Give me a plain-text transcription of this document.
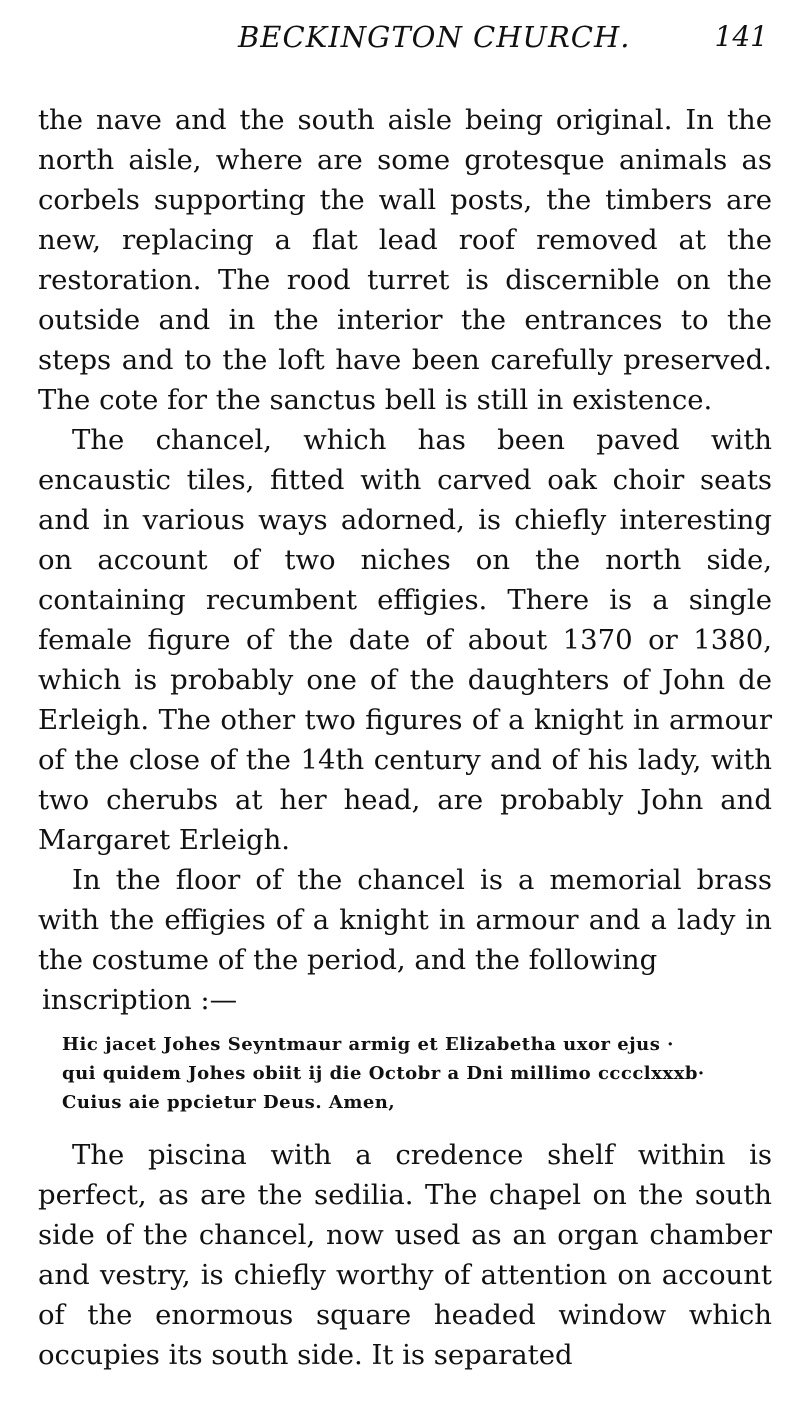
BECKINGTON CHURCH.	141

the nave and the south aisle being original. In the north aisle, where are some grotesque animals as corbels supporting the wall posts, the timbers are new, replacing a flat lead roof removed at the restoration. The rood turret is discernible on the outside and in the interior the entrances to the steps and to the loft have been carefully preserved. The cote for the sanctus bell is still in existence.

The chancel, which has been paved with encaustic tiles, fitted with carved oak choir seats and in various ways adorned, is chiefly interesting on account of two niches on the north side, containing recumbent effigies. There is a single female figure of the date of about 1370 or 1380, which is probably one of the daughters of John de Erleigh. The other two figures of a knight in armour of the close of the 14th century and of his lady, with two cherubs at her head, are probably John and Margaret Erleigh.

In the floor of the chancel is a memorial brass with the effigies of a knight in armour and a lady in the costume of the period, and the following

inscription :—

Hic jacet Johes Seyntmaur armig et Elizabetha uxor ejus ·
qui quidem Johes obiit ij die Octobr a Dni millimo cccclxxxb·
Cuius aie ppcietur Deus. Amen,

The piscina with a credence shelf within is perfect, as are the sedilia. The chapel on the south side of the chancel, now used as an organ chamber and vestry, is chiefly worthy of attention on account of the enormous square headed window which occupies its south side. It is separated
